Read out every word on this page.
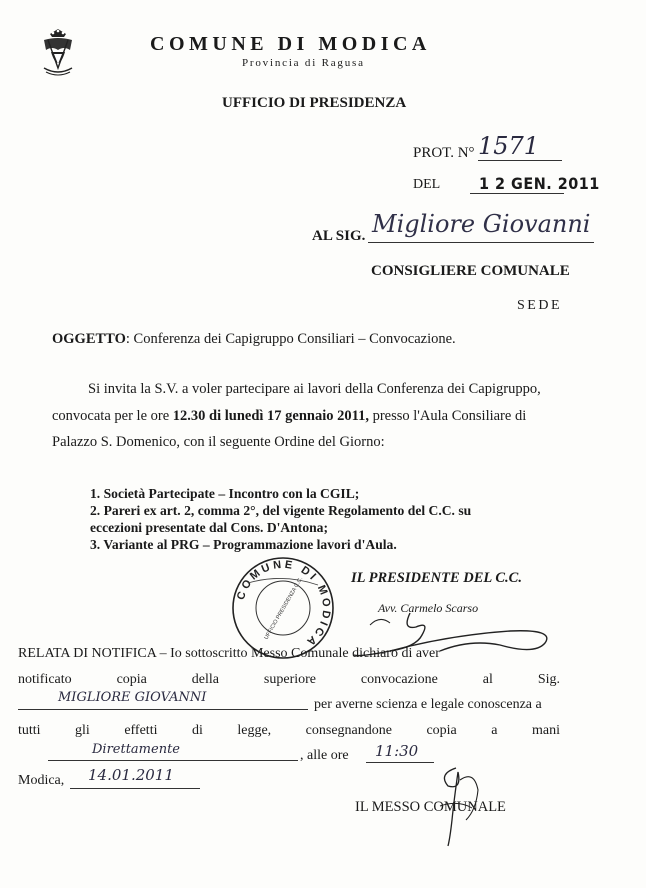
COMUNE DI MODICA
Provincia di Ragusa
UFFICIO DI PRESIDENZA
PROT. N° 1571
DEL 1 2 GEN. 2011
AL SIG. Migliore Giovanni
CONSIGLIERE COMUNALE
SEDE
OGGETTO: Conferenza dei Capigruppo Consiliari – Convocazione.
Si invita la S.V. a voler partecipare ai lavori della Conferenza dei Capigruppo,
convocata per le ore 12.30 di lunedì 17 gennaio 2011, presso l'Aula Consiliare di
Palazzo S. Domenico, con il seguente Ordine del Giorno:
1. Società Partecipate – Incontro con la CGIL;
2. Pareri ex art. 2, comma 2°, del vigente Regolamento del C.C. su
eccezioni presentate dal Cons. D'Antona;
3. Variante al PRG – Programmazione lavori d'Aula.
COMUNE DI MODICA
UFFICIO PRESIDENZA C.C.	IL PRESIDENTE DEL C.C.
Avv. Carmelo Scarso
RELATA DI NOTIFICA – Io sottoscritto Messo Comunale dichiaro di aver
notificato	copia	della	superiore	convocazione	al	Sig.
MIGLIORE GIOVANNI	per averne scienza e legale conoscenza a
tutti gli effetti di legge, consegnandone copia a mani
Direttamente	, alle ore 11:30
Modica, 14.01.2011
IL MESSO COMUNALE
